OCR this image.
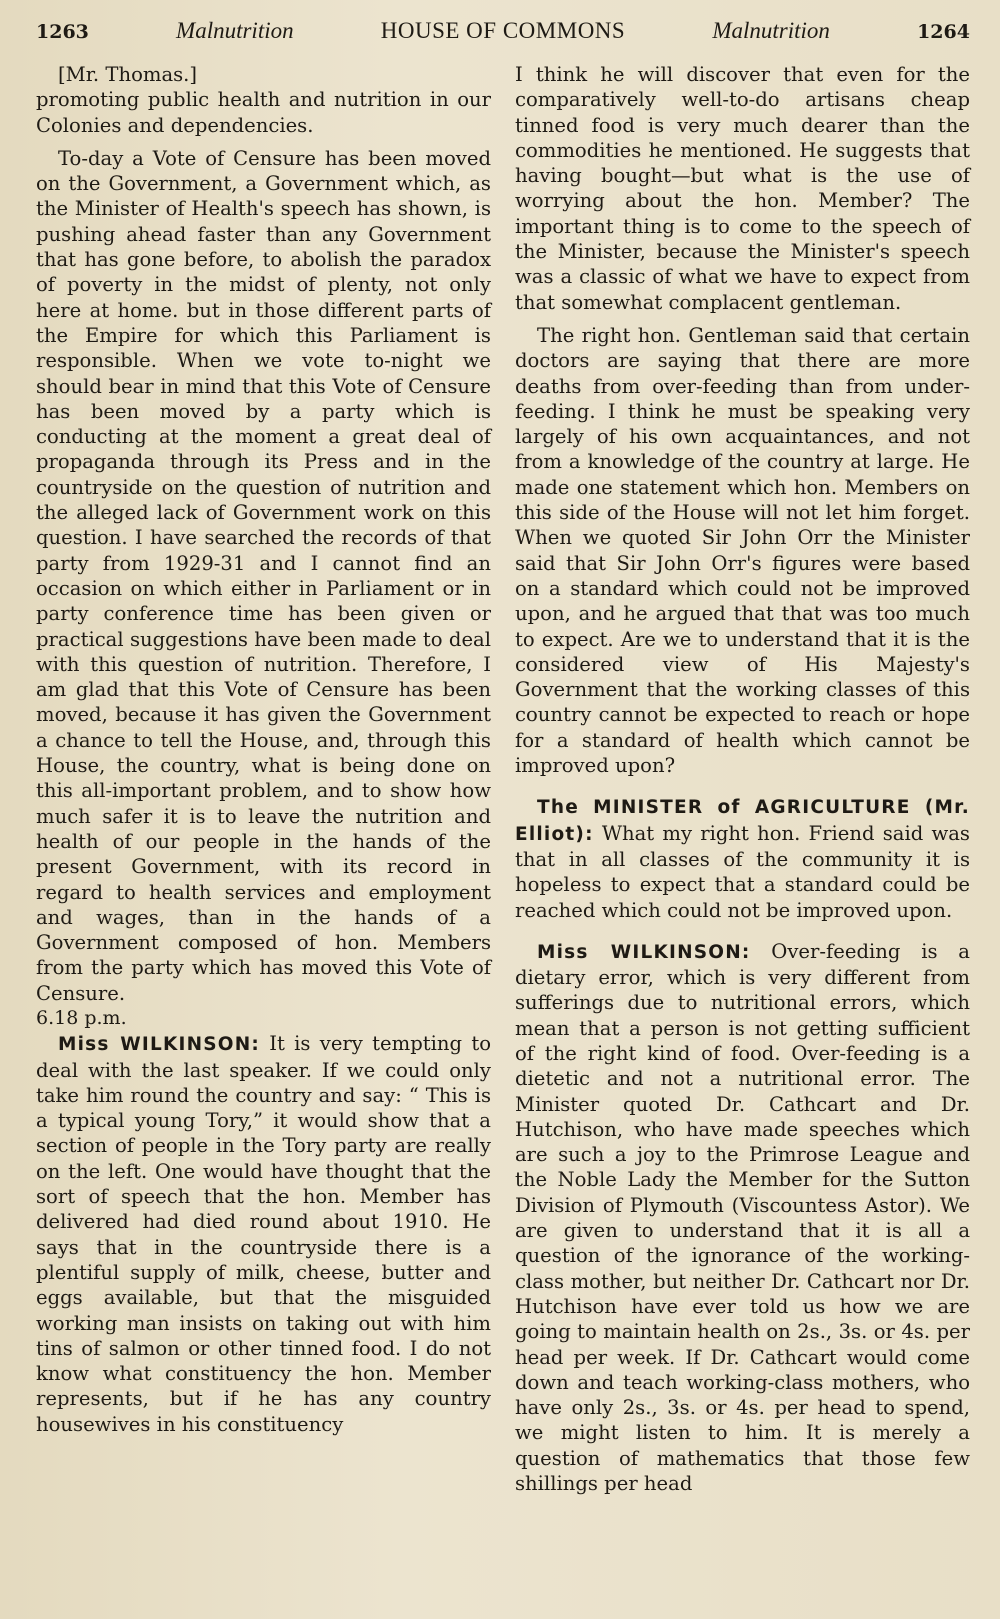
1263	Malnutrition	HOUSE OF COMMONS	Malnutrition	1264

[Mr. Thomas.]

promoting public health and nutrition in our Colonies and dependencies.

To-day a Vote of Censure has been moved on the Government, a Government which, as the Minister of Health's speech has shown, is pushing ahead faster than any Government that has gone before, to abolish the paradox of poverty in the midst of plenty, not only here at home. but in those different parts of the Empire for which this Parliament is responsible. When we vote to-night we should bear in mind that this Vote of Censure has been moved by a party which is conducting at the moment a great deal of propaganda through its Press and in the countryside on the question of nutrition and the alleged lack of Government work on this question. I have searched the records of that party from 1929-31 and I cannot find an occasion on which either in Parliament or in party conference time has been given or practical suggestions have been made to deal with this question of nutrition. Therefore, I am glad that this Vote of Censure has been moved, because it has given the Government a chance to tell the House, and, through this House, the country, what is being done on this all-important problem, and to show how much safer it is to leave the nutrition and health of our people in the hands of the present Government, with its record in regard to health services and employment and wages, than in the hands of a Government composed of hon. Members from the party which has moved this Vote of Censure.

6.18 p.m.

Miss WILKINSON: It is very tempting to deal with the last speaker. If we could only take him round the country and say: “ This is a typical young Tory,” it would show that a section of people in the Tory party are really on the left. One would have thought that the sort of speech that the hon. Member has delivered had died round about 1910. He says that in the countryside there is a plentiful supply of milk, cheese, butter and eggs available, but that the misguided working man insists on taking out with him tins of salmon or other tinned food. I do not know what constituency the hon. Member represents, but if he has any country housewives in his constituency

I think he will discover that even for the comparatively well-to-do artisans cheap tinned food is very much dearer than the commodities he mentioned. He suggests that having bought—but what is the use of worrying about the hon. Member? The important thing is to come to the speech of the Minister, because the Minister's speech was a classic of what we have to expect from that somewhat complacent gentleman.

The right hon. Gentleman said that certain doctors are saying that there are more deaths from over-feeding than from under-feeding. I think he must be speaking very largely of his own acquaintances, and not from a knowledge of the country at large. He made one statement which hon. Members on this side of the House will not let him forget. When we quoted Sir John Orr the Minister said that Sir John Orr's figures were based on a standard which could not be improved upon, and he argued that that was too much to expect. Are we to understand that it is the considered view of His Majesty's Government that the working classes of this country cannot be expected to reach or hope for a standard of health which cannot be improved upon?

The MINISTER of AGRICULTURE (Mr. Elliot): What my right hon. Friend said was that in all classes of the community it is hopeless to expect that a standard could be reached which could not be improved upon.

Miss WILKINSON: Over-feeding is a dietary error, which is very different from sufferings due to nutritional errors, which mean that a person is not getting sufficient of the right kind of food. Over-feeding is a dietetic and not a nutritional error. The Minister quoted Dr. Cathcart and Dr. Hutchison, who have made speeches which are such a joy to the Primrose League and the Noble Lady the Member for the Sutton Division of Plymouth (Viscountess Astor). We are given to understand that it is all a question of the ignorance of the working-class mother, but neither Dr. Cathcart nor Dr. Hutchison have ever told us how we are going to maintain health on 2s., 3s. or 4s. per head per week. If Dr. Cathcart would come down and teach working-class mothers, who have only 2s., 3s. or 4s. per head to spend, we might listen to him. It is merely a question of mathematics that those few shillings per head
